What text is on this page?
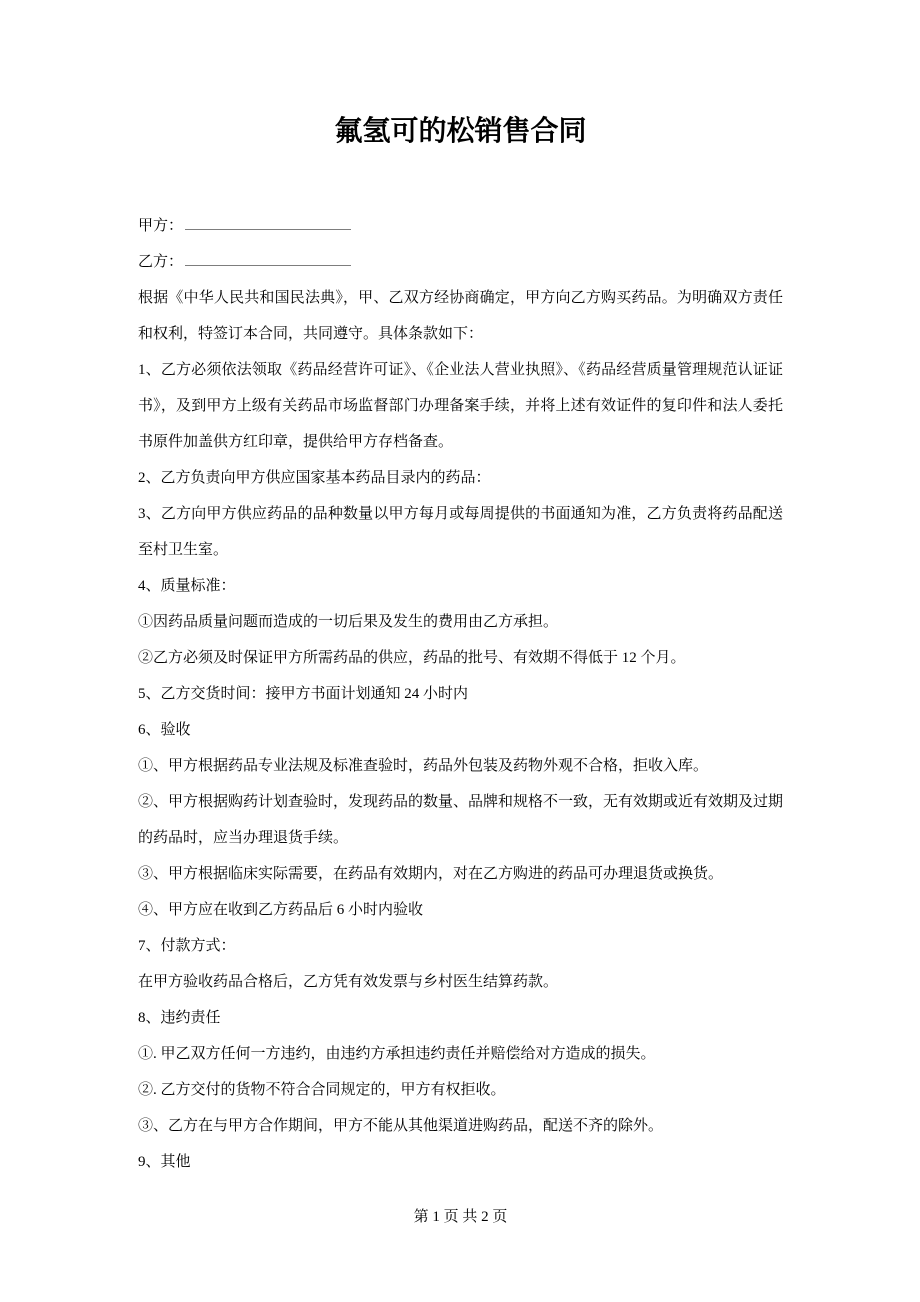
氟氢可的松销售合同
甲方：
乙方：

根据《中华人民共和国民法典》，甲、乙双方经协商确定，甲方向乙方购买药品。为明确双方责任和权利，特签订本合同，共同遵守。具体条款如下：

1、乙方必须依法领取《药品经营许可证》、《企业法人营业执照》、《药品经营质量管理规范认证证书》，及到甲方上级有关药品市场监督部门办理备案手续，并将上述有效证件的复印件和法人委托书原件加盖供方红印章，提供给甲方存档备查。

2、乙方负责向甲方供应国家基本药品目录内的药品：

3、乙方向甲方供应药品的品种数量以甲方每月或每周提供的书面通知为准，乙方负责将药品配送至村卫生室。

4、质量标准：

①因药品质量问题而造成的一切后果及发生的费用由乙方承担。

②乙方必须及时保证甲方所需药品的供应，药品的批号、有效期不得低于 12 个月。

5、乙方交货时间：接甲方书面计划通知 24 小时内

6、验收

①、甲方根据药品专业法规及标准查验时，药品外包装及药物外观不合格，拒收入库。

②、甲方根据购药计划查验时，发现药品的数量、品牌和规格不一致，无有效期或近有效期及过期的药品时，应当办理退货手续。

③、甲方根据临床实际需要，在药品有效期内，对在乙方购进的药品可办理退货或换货。

④、甲方应在收到乙方药品后 6 小时内验收

7、付款方式：

在甲方验收药品合格后，乙方凭有效发票与乡村医生结算药款。

8、违约责任

①. 甲乙双方任何一方违约，由违约方承担违约责任并赔偿给对方造成的损失。

②. 乙方交付的货物不符合合同规定的，甲方有权拒收。

③、乙方在与甲方合作期间，甲方不能从其他渠道进购药品，配送不齐的除外。

9、其他

第 1 页 共 2 页
